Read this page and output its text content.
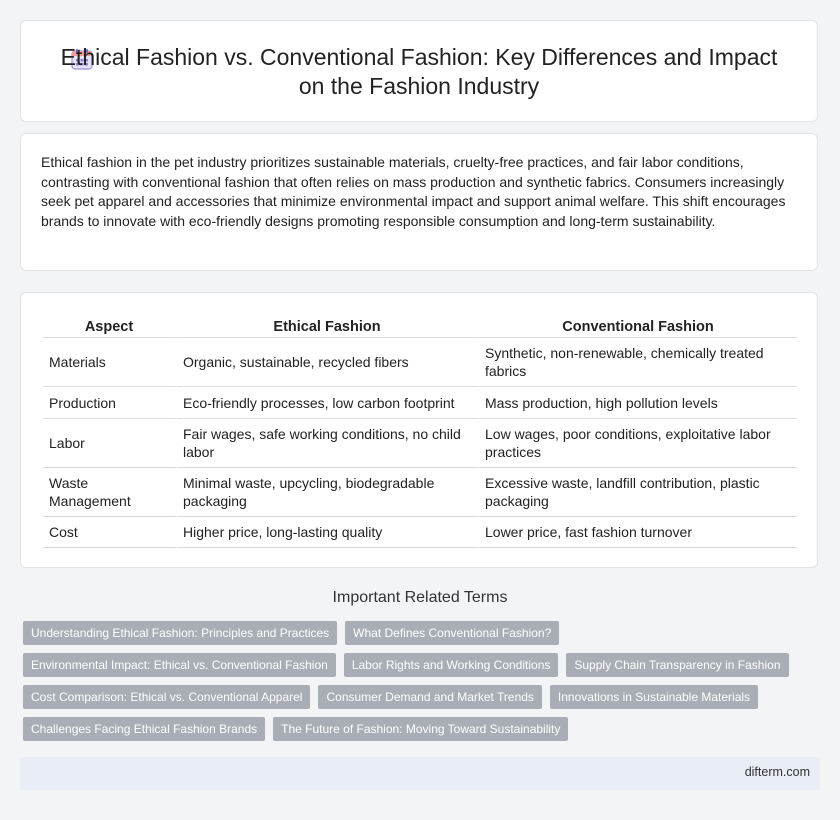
Ethical Fashion vs. Conventional Fashion: Key Differences and Impact on the Fashion Industry

Ethical fashion in the pet industry prioritizes sustainable materials, cruelty-free practices, and fair labor conditions, contrasting with conventional fashion that often relies on mass production and synthetic fabrics. Consumers increasingly seek pet apparel and accessories that minimize environmental impact and support animal welfare. This shift encourages brands to innovate with eco-friendly designs promoting responsible consumption and long-term sustainability.

Aspect	Ethical Fashion	Conventional Fashion
Materials	Organic, sustainable, recycled fibers	Synthetic, non-renewable, chemically treated fabrics
Production	Eco-friendly processes, low carbon footprint	Mass production, high pollution levels
Labor	Fair wages, safe working conditions, no child labor	Low wages, poor conditions, exploitative labor practices
Waste Management	Minimal waste, upcycling, biodegradable packaging	Excessive waste, landfill contribution, plastic packaging
Cost	Higher price, long-lasting quality	Lower price, fast fashion turnover
Important Related Terms
Understanding Ethical Fashion: Principles and Practices	What Defines Conventional Fashion?
Environmental Impact: Ethical vs. Conventional Fashion	Labor Rights and Working Conditions	Supply Chain Transparency in Fashion
Cost Comparison: Ethical vs. Conventional Apparel	Consumer Demand and Market Trends	Innovations in Sustainable Materials
Challenges Facing Ethical Fashion Brands	The Future of Fashion: Moving Toward Sustainability
difterm.com
